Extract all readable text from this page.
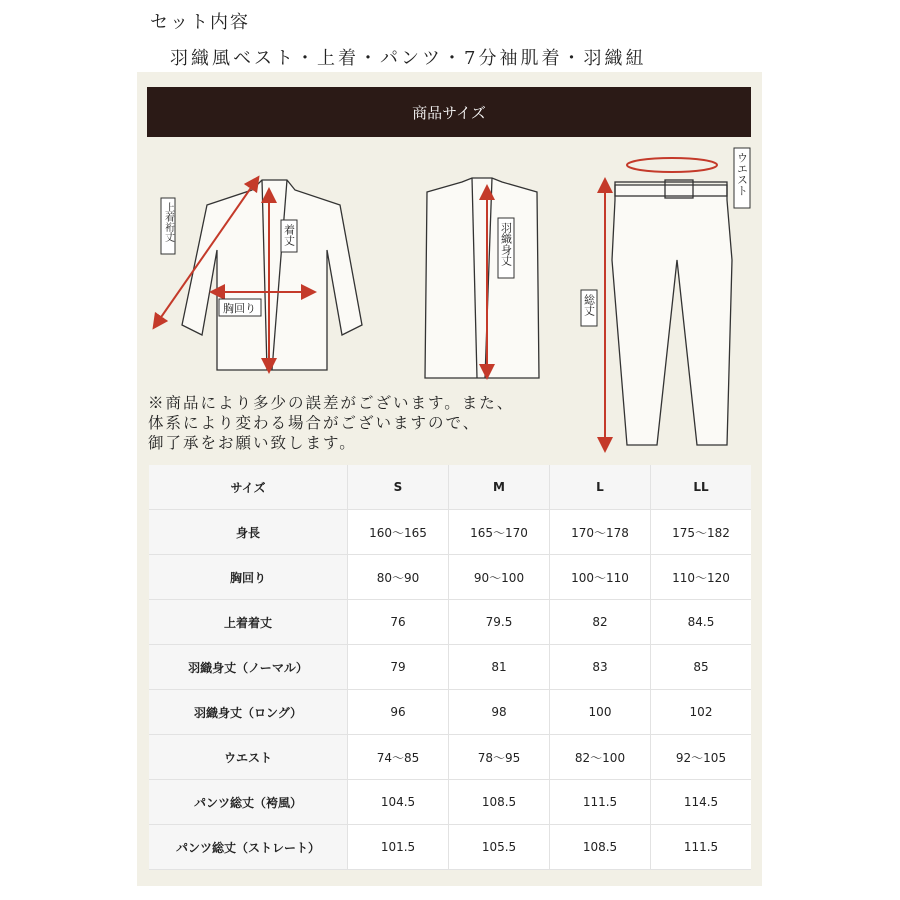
セット内容
羽織風ベスト・上着・パンツ・7分袖肌着・羽織紐
商品サイズ
上着裄丈	着丈
胸回り
羽織身丈
ウエスト
総丈
※商品により多少の誤差がございます。また、
体系により変わる場合がございますので、
御了承をお願い致します。
サイズ	S	M	L	LL
身長	160～165	165～170	170～178	175～182
胸回り	80～90	90～100	100～110	110～120
上着着丈	76	79.5	82	84.5
羽織身丈（ノーマル）	79	81	83	85
羽織身丈（ロング）	96	98	100	102
ウエスト	74～85	78～95	82～100	92～105
パンツ総丈（袴風）	104.5	108.5	111.5	114.5
パンツ総丈（ストレート）	101.5	105.5	108.5	111.5
